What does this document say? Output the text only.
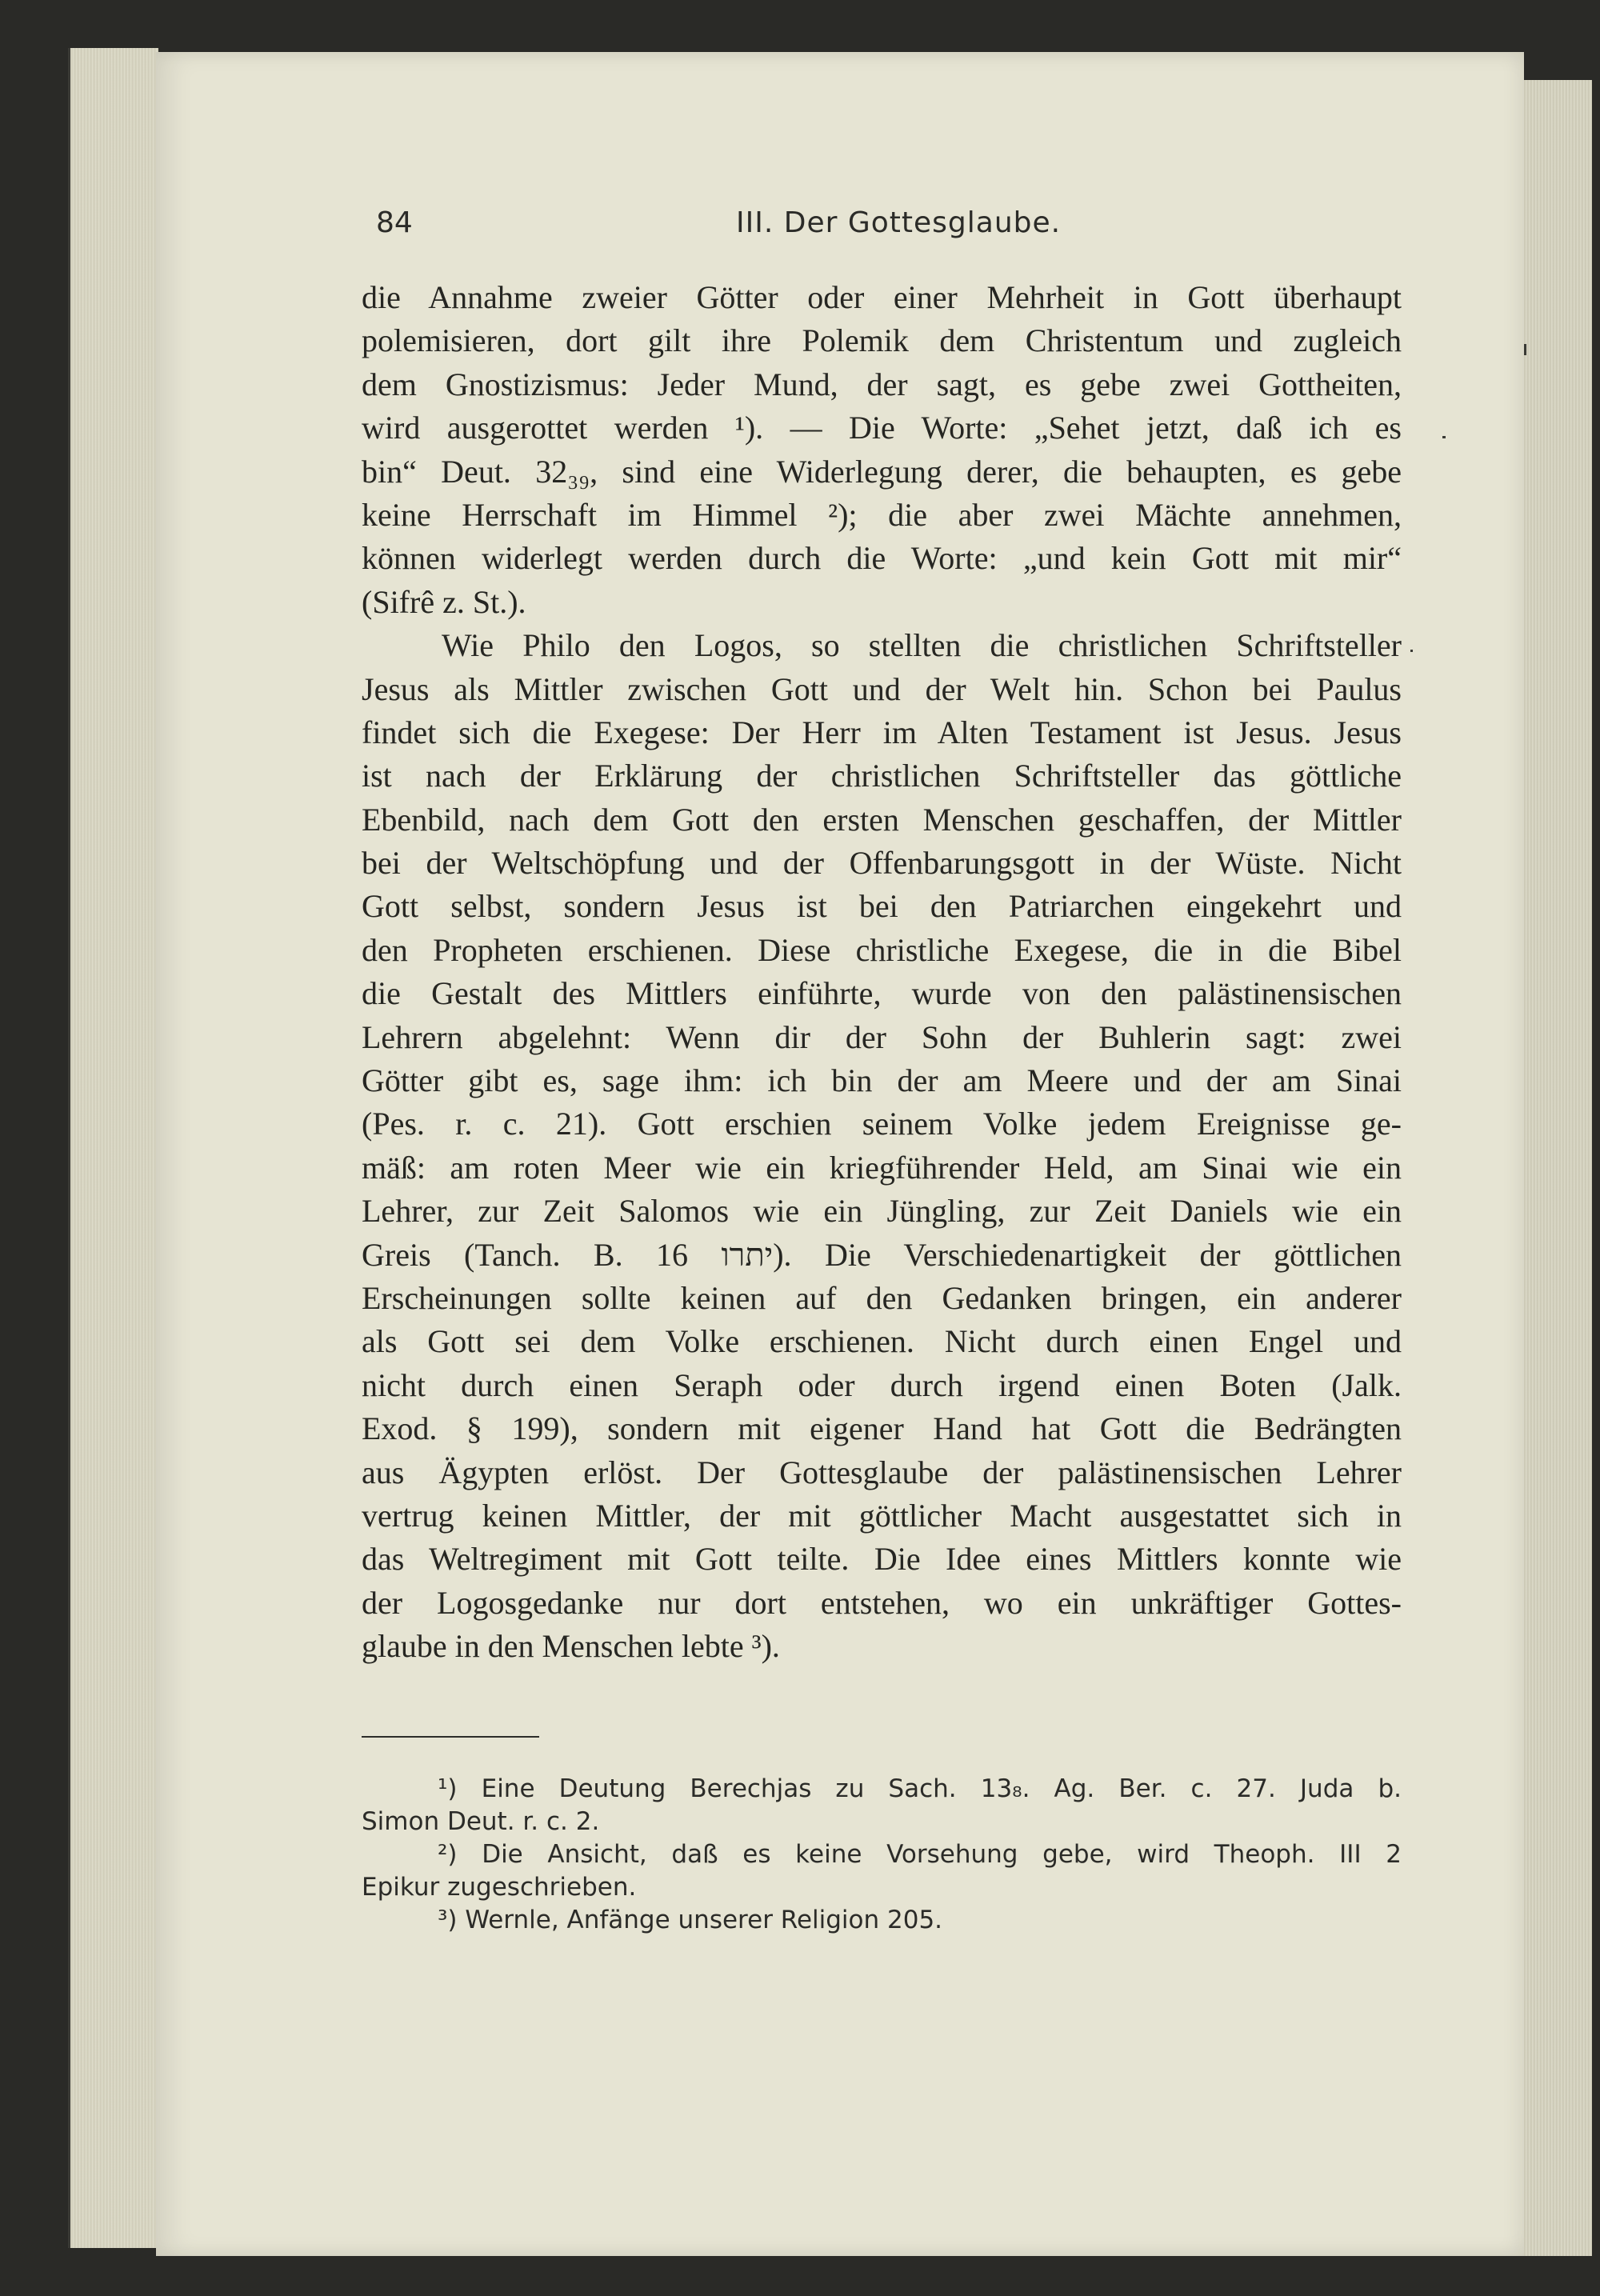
84	III. Der Gottesglaube.
die Annahme zweier Götter oder einer Mehrheit in Gott überhaupt
polemisieren, dort gilt ihre Polemik dem Christentum und zugleich
dem Gnostizismus: Jeder Mund, der sagt, es gebe zwei Gottheiten,
wird ausgerottet werden ¹). — Die Worte: „Sehet jetzt, daß ich es
bin“ Deut. 32₃₉, sind eine Widerlegung derer, die behaupten, es gebe
keine Herrschaft im Himmel ²); die aber zwei Mächte annehmen,
können widerlegt werden durch die Worte: „und kein Gott mit mir“
(Sifrê z. St.).
Wie Philo den Logos, so stellten die christlichen Schriftsteller
Jesus als Mittler zwischen Gott und der Welt hin. Schon bei Paulus
findet sich die Exegese: Der Herr im Alten Testament ist Jesus. Jesus
ist nach der Erklärung der christlichen Schriftsteller das göttliche
Ebenbild, nach dem Gott den ersten Menschen geschaffen, der Mittler
bei der Weltschöpfung und der Offenbarungsgott in der Wüste. Nicht
Gott selbst, sondern Jesus ist bei den Patriarchen eingekehrt und
den Propheten erschienen. Diese christliche Exegese, die in die Bibel
die Gestalt des Mittlers einführte, wurde von den palästinensischen
Lehrern abgelehnt: Wenn dir der Sohn der Buhlerin sagt: zwei
Götter gibt es, sage ihm: ich bin der am Meere und der am Sinai
(Pes. r. c. 21). Gott erschien seinem Volke jedem Ereignisse ge-
mäß: am roten Meer wie ein kriegführender Held, am Sinai wie ein
Lehrer, zur Zeit Salomos wie ein Jüngling, zur Zeit Daniels wie ein
Greis (Tanch. B. יתרו 16). Die Verschiedenartigkeit der göttlichen
Erscheinungen sollte keinen auf den Gedanken bringen, ein anderer
als Gott sei dem Volke erschienen. Nicht durch einen Engel und
nicht durch einen Seraph oder durch irgend einen Boten (Jalk.
Exod. § 199), sondern mit eigener Hand hat Gott die Bedrängten
aus Ägypten erlöst. Der Gottesglaube der palästinensischen Lehrer
vertrug keinen Mittler, der mit göttlicher Macht ausgestattet sich in
das Weltregiment mit Gott teilte. Die Idee eines Mittlers konnte wie
der Logosgedanke nur dort entstehen, wo ein unkräftiger Gottes-
glaube in den Menschen lebte ³).
¹) Eine Deutung Berechjas zu Sach. 13₈. Ag. Ber. c. 27. Juda b.
Simon Deut. r. c. 2.
²) Die Ansicht, daß es keine Vorsehung gebe, wird Theoph. III 2
Epikur zugeschrieben.
³) Wernle, Anfänge unserer Religion 205.
